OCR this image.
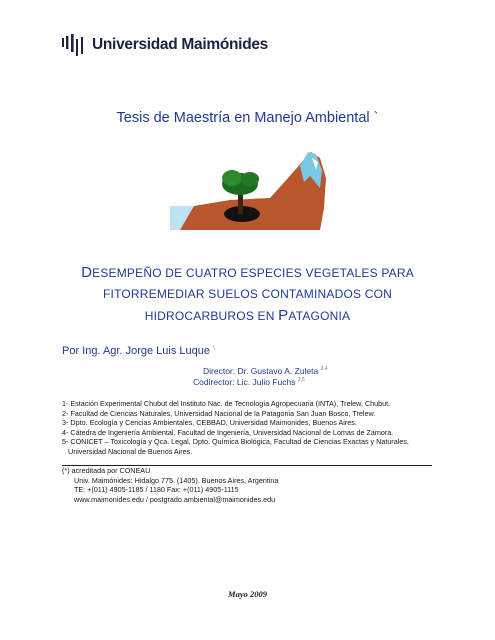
Universidad Maimónides
Tesis de Maestría en Manejo Ambiental `
DESEMPEÑO DE CUATRO ESPECIES VEGETALES PARA
FITORREMEDIAR SUELOS CONTAMINADOS CON
HIDROCARBUROS EN PATAGONIA
Por Ing. Agr. Jorge Luis Luque \
Director: Dr. Gustavo A. Zuleta $^{3,4}$
Codirector: Lic. Julio Fuchs $^{2,5}$
1- Estación Experimental Chubut del Instituto Nac. de Tecnología Agropecuaria (INTA), Trelew, Chubut.
2- Facultad de Ciencias Naturales, Universidad Nacional de la Patagonia San Juan Bosco, Trelew.
3- Dpto. Ecología y Cencias Ambientales, CEBBAD, Universidad Maimonides, Buenos Aires.
4- Cátedra de Ingeniería Ambiental, Facultad de Ingeniería, Universidad Nacional de Lomas de Zamora.
5- CONICET – Toxicología y Qca. Legal, Dpto. Química Biológica, Facultad de Ciencias Exactas y Naturales,
Universidad Nacional de Buenos Aires.
(*) acreditada por CONEAU
Univ. Maimónides: Hidalgo 775. (1405). Buenos Aires, Argentina
TE: +(011) 4905-1185 / 1180 Fax: +(011) 4905-1115
www.maimonides.edu / postgrado.ambiental@maimonides.edu
Mayo 2009
